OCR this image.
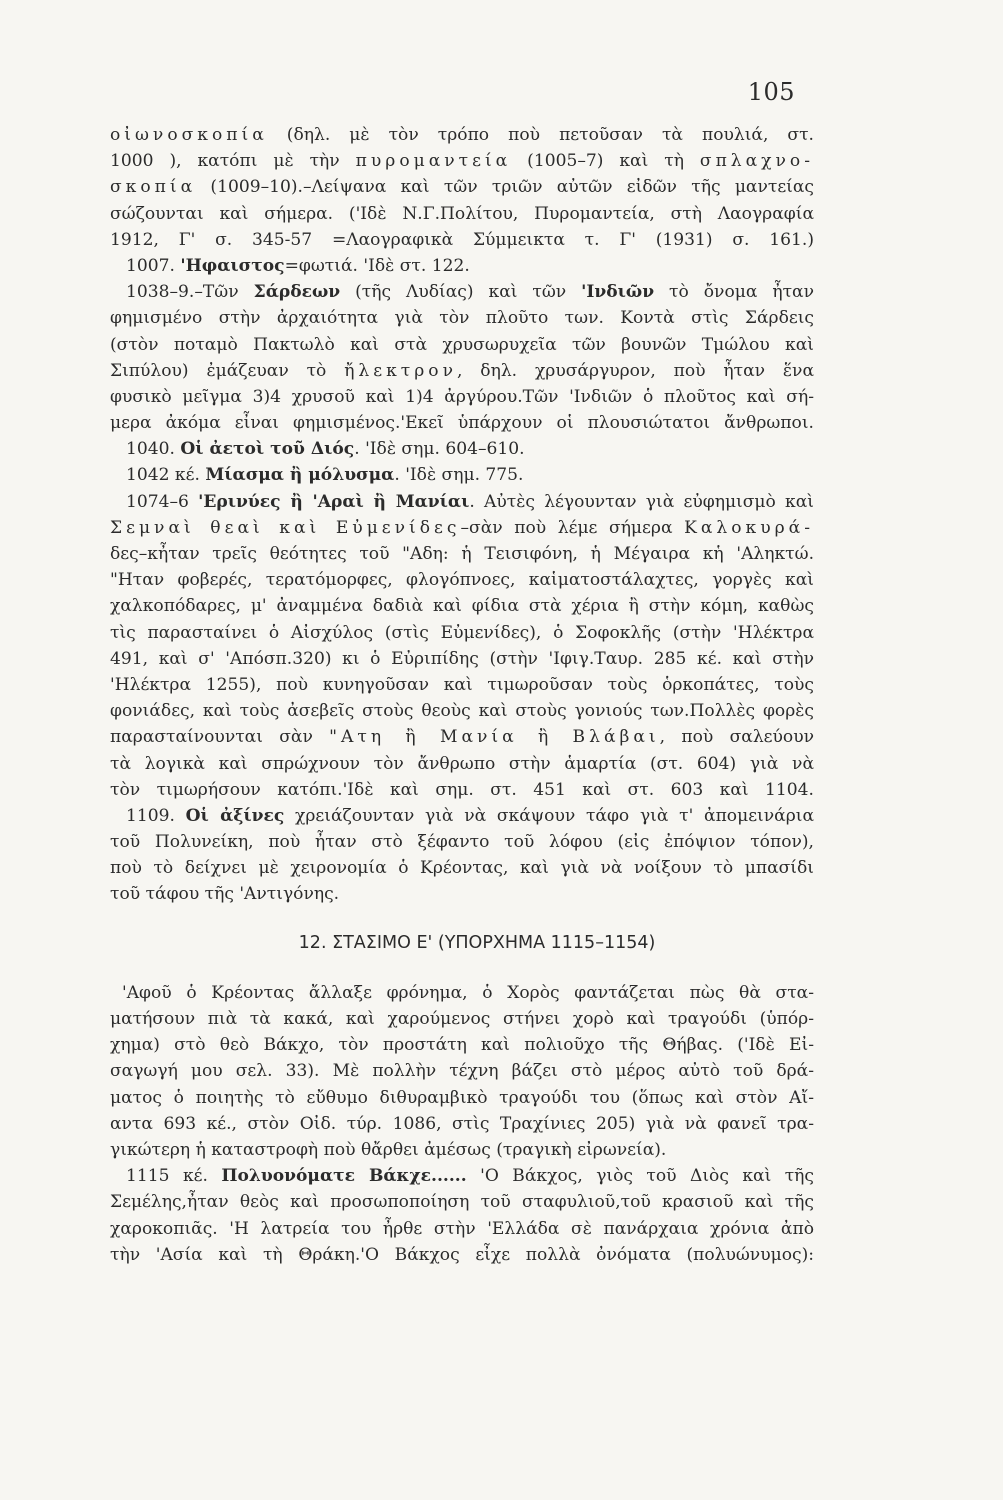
105
οἰωνοσκοπία (δηλ. μὲ τὸν τρόπο ποὺ πετοῦσαν τὰ πουλιά, στ.
1000 ), κατόπι μὲ τὴν πυρομαντεία (1005–7) καὶ τὴ σπλαχνο-
σκοπία (1009–10).–Λείψανα καὶ τῶν τριῶν αὐτῶν εἰδῶν τῆς μαντείας
σώζουνται καὶ σήμερα. ('Ιδὲ Ν.Γ.Πολίτου, Πυρομαντεία, στὴ Λαογραφία
1912, Γ' σ. 345-57 =Λαογραφικὰ Σύμμεικτα τ. Γ' (1931) σ. 161.)
1007. 'Ηφαιστος=φωτιά. 'Ιδὲ στ. 122.
1038–9.–Τῶν Σάρδεων (τῆς Λυδίας) καὶ τῶν 'Ινδιῶν τὸ ὄνομα ἦταν
φημισμένο στὴν ἀρχαιότητα γιὰ τὸν πλοῦτο των. Κοντὰ στὶς Σάρδεις
(στὸν ποταμὸ Πακτωλὸ καὶ στὰ χρυσωρυχεῖα τῶν βουνῶν Τμώλου καὶ
Σιπύλου) ἐμάζευαν τὸ ἤλεκτρον, δηλ. χρυσάργυρον, ποὺ ἦταν ἕνα
φυσικὸ μεῖγμα 3)4 χρυσοῦ καὶ 1)4 ἀργύρου.Τῶν 'Ινδιῶν ὁ πλοῦτος καὶ σή-
μερα ἀκόμα εἶναι φημισμένος.'Εκεῖ ὑπάρχουν οἱ πλουσιώτατοι ἄνθρωποι.
1040. Οἱ ἀετοὶ τοῦ Διός. 'Ιδὲ σημ. 604–610.
1042 κέ. Μίασμα ἢ μόλυσμα. 'Ιδὲ σημ. 775.
1074–6 'Ερινύες ἢ 'Αραὶ ἢ Μανίαι. Αὐτὲς λέγουνταν γιὰ εὐφημισμὸ καὶ
Σεμναὶ θεαὶ καὶ Εὐμενίδες–σὰν ποὺ λέμε σήμερα Καλοκυρά-
δες–κἦταν τρεῖς θεότητες τοῦ "Αδη: ἡ Τεισιφόνη, ἡ Μέγαιρα κἡ 'Αληκτώ.
"Ηταν φοβερές, τερατόμορφες, φλογόπνοες, καἱματοστάλαχτες, γοργὲς καὶ
χαλκοπόδαρες, μ' ἀναμμένα δαδιὰ καὶ φίδια στὰ χέρια ἢ στὴν κόμη, καθὼς
τὶς παρασταίνει ὁ Αἰσχύλος (στὶς Εὐμενίδες), ὁ Σοφοκλῆς (στὴν 'Ηλέκτρα
491, καὶ σ' 'Απόσπ.320) κι ὁ Εὐριπίδης (στὴν 'Ιφιγ.Ταυρ. 285 κέ. καὶ στὴν
'Ηλέκτρα 1255), ποὺ κυνηγοῦσαν καὶ τιμωροῦσαν τοὺς ὁρκοπάτες, τοὺς
φονιάδες, καὶ τοὺς ἀσεβεῖς στοὺς θεοὺς καὶ στοὺς γονιούς των.Πολλὲς φορὲς
παρασταίνουνται σὰν "Ατη ἢ Μανία ἢ Βλάβαι, ποὺ σαλεύουν
τὰ λογικὰ καὶ σπρώχνουν τὸν ἄνθρωπο στὴν ἁμαρτία (στ. 604) γιὰ νὰ
τὸν τιμωρήσουν κατόπι.'Ιδὲ καὶ σημ. στ. 451 καὶ στ. 603 καὶ 1104.
1109. Οἱ ἀξίνες χρειάζουνταν γιὰ νὰ σκάψουν τάφο γιὰ τ' ἀπομεινάρια
τοῦ Πολυνείκη, ποὺ ἦταν στὸ ξέφαντο τοῦ λόφου (εἰς ἐπόψιον τόπον),
ποὺ τὸ δείχνει μὲ χειρονομία ὁ Κρέοντας, καὶ γιὰ νὰ νοίξουν τὸ μπασίδι
τοῦ τάφου τῆς 'Αντιγόνης.
12. ΣΤΑΣΙΜΟ Ε' (ΥΠΟΡΧΗΜΑ 1115–1154)
'Αφοῦ ὁ Κρέοντας ἄλλαξε φρόνημα, ὁ Χορὸς φαντάζεται πὼς θὰ στα-
ματήσουν πιὰ τὰ κακά, καὶ χαρούμενος στήνει χορὸ καὶ τραγούδι (ὑπόρ-
χημα) στὸ θεὸ Βάκχο, τὸν προστάτη καὶ πολιοῦχο τῆς Θήβας. ('Ιδὲ Εἰ-
σαγωγή μου σελ. 33). Μὲ πολλὴν τέχνη βάζει στὸ μέρος αὐτὸ τοῦ δρά-
ματος ὁ ποιητὴς τὸ εὔθυμο διθυραμβικὸ τραγούδι του (ὅπως καὶ στὸν Αἴ-
αντα 693 κέ., στὸν Οἰδ. τύρ. 1086, στὶς Τραχίνιες 205) γιὰ νὰ φανεῖ τρα-
γικώτερη ἡ καταστροφὴ ποὺ θἄρθει ἀμέσως (τραγικὴ εἰρωνεία).
1115 κέ. Πολυονόματε Βάκχε...... 'Ο Βάκχος, γιὸς τοῦ Διὸς καὶ τῆς
Σεμέλης,ἦταν θεὸς καὶ προσωποποίηση τοῦ σταφυλιοῦ,τοῦ κρασιοῦ καὶ τῆς
χαροκοπιᾶς. 'Η λατρεία του ἦρθε στὴν 'Ελλάδα σὲ πανάρχαια χρόνια ἀπὸ
τὴν 'Ασία καὶ τὴ Θράκη.'Ο Βάκχος εἶχε πολλὰ ὀνόματα (πολυώνυμος):
